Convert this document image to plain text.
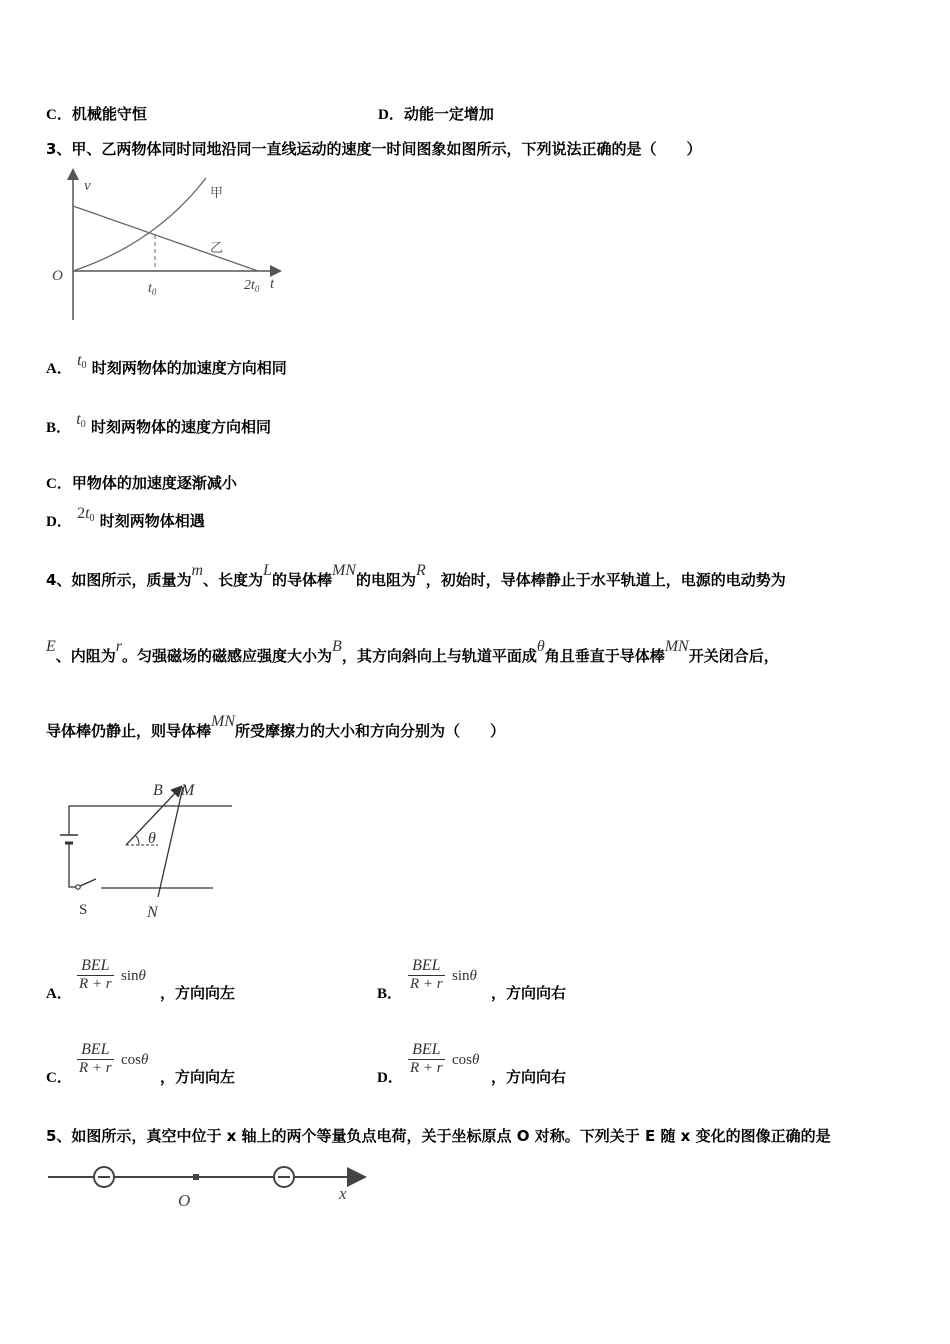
C．机械能守恒	D．动能一定增加
3、甲、乙两物体同时同地沿同一直线运动的速度一时间图象如图所示，下列说法正确的是（　　）
v
O	t
$t_0$	$2t_0$
甲
乙
A． t0 时刻两物体的加速度方向相同
B． t0 时刻两物体的速度方向相同
C．甲物体的加速度逐渐减小
D． 2t0 时刻两物体相遇
4、如图所示，质量为m、长度为L的导体棒MN的电阻为R，初始时，导体棒静止于水平轨道上，电源的电动势为
E、内阻为r。匀强磁场的磁感应强度大小为B，其方向斜向上与轨道平面成θ角且垂直于导体棒MN开关闭合后，
导体棒仍静止，则导体棒MN所受摩擦力的大小和方向分别为（　　）
B M
θ
S	N
A．
BEL
R + r sinθ
，方向向左	B．
BEL
R + r sinθ
，方向向右
C．
BEL
R + r cosθ
，方向向左	D．
BEL
R + r cosθ
，方向向右
5、如图所示，真空中位于 x 轴上的两个等量负点电荷，关于坐标原点 O 对称。下列关于 E 随 x 变化的图像正确的是
O	x
